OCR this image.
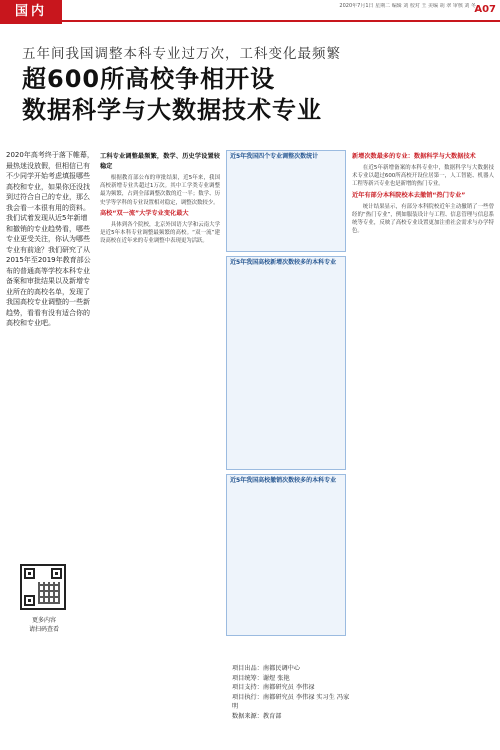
国内	2020年7月1日 星期二 编辑 刘 校对 王 美编 胡 翠 审核 刘 冬
A07
五年间我国调整本科专业过万次，工科变化最频繁
超600所高校争相开设
数据科学与大数据技术专业
2020年高考终于落下帷幕，最热迷没放假，但相信已有不少同学开始考虑填报哪些高校和专业，如果你还没找到过符合自己的专业，那么我会看一本很有用的资料。我们试着发现从近5年新增和撤销的专业趋势看，哪些专业更受关注，你认为哪些专业有前途？我们研究了从2015年至2019年教育部公布的普通高等学校本科专业备案和审批结果以及新增专业所在的高校名单，发现了我国高校专业调整的一些新趋势，看看有没有适合你的高校和专业吧。
更多内容
请扫码查看
工科专业调整最频繁，数学、历史学设置较稳定

根据教育部公布的审批结果，近5年来，我国高校新增专业共超过1万次。其中工学类专业调整最为频繁，占到全部调整次数的近一半；数学、历史学等学科的专业设置相对稳定，调整次数较少。

高校“双一流”大学专业变化最大

具体到各个院校，北京外国语大学和云南大学是近5年本科专业调整最频繁的高校。“双一流”建设高校在近年来的专业调整中表现更为活跃。

近5年我国四个专业调整次数统计
近5年我国高校新增次数较多的本科专业
近5年我国高校撤销次数较多的本科专业
项目出品：南都民调中心
项目统筹：谢煜 张艳
项目支持：南都研究员 李伟禄
项目执行：南都研究员 李伟禄 实习生 冯家明
数据来源：教育部
新增次数最多的专业：数据科学与大数据技术

在近5年新增备案的本科专业中，数据科学与大数据技术专业以超过600所高校开设位居第一，人工智能、机器人工程等新兴专业也是新增的热门专业。

近年有部分本科院校本去撤销“热门专业”

统计结果显示，有部分本科院校近年主动撤销了一些曾经的“热门专业”，例如服装设计与工程、信息管理与信息系统等专业，反映了高校专业设置更加注重社会需求与办学特色。
